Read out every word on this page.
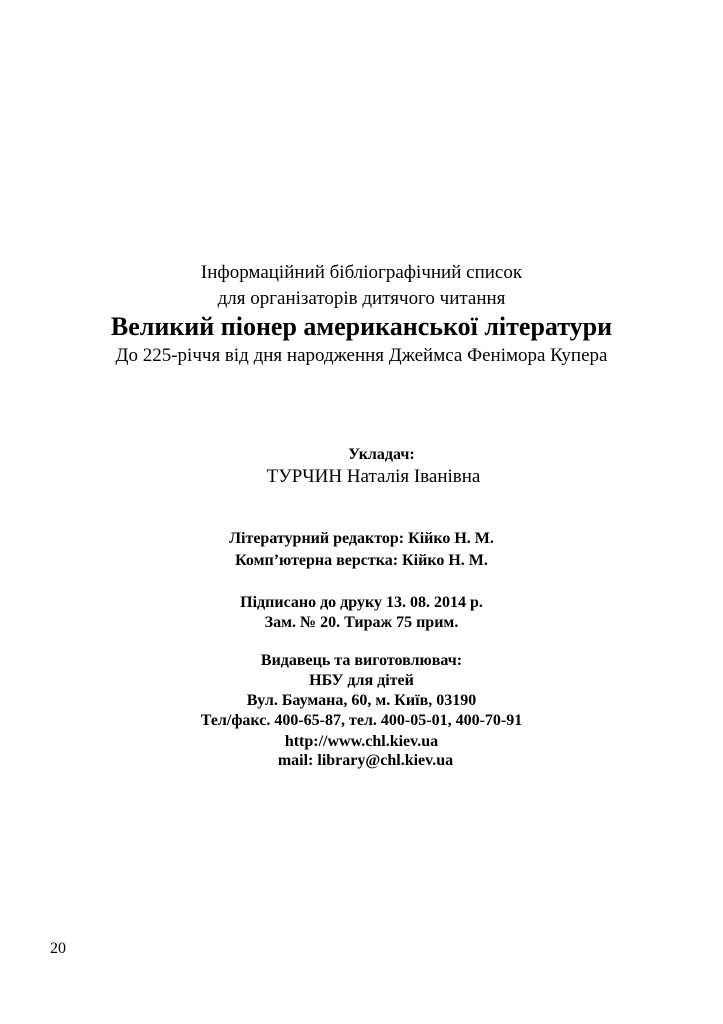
Інформаційний бібліографічний список

для організаторів дитячого читання

Великий піонер американської літератури

До 225-річчя від дня народження Джеймса Фенімора Купера

Укладач:

ТУРЧИН Наталія Іванівна

Літературний редактор: Кійко Н. М.

Комп’ютерна верстка: Кійко Н. М.

Підписано до друку 13. 08. 2014 р.

Зам. № 20. Тираж 75 прим.

Видавець та виготовлювач:

НБУ для дітей

Вул. Баумана, 60, м. Київ, 03190

Тел/факс. 400-65-87, тел. 400-05-01, 400-70-91

http://www.chl.kiev.ua

mail: library@chl.kiev.ua

20
